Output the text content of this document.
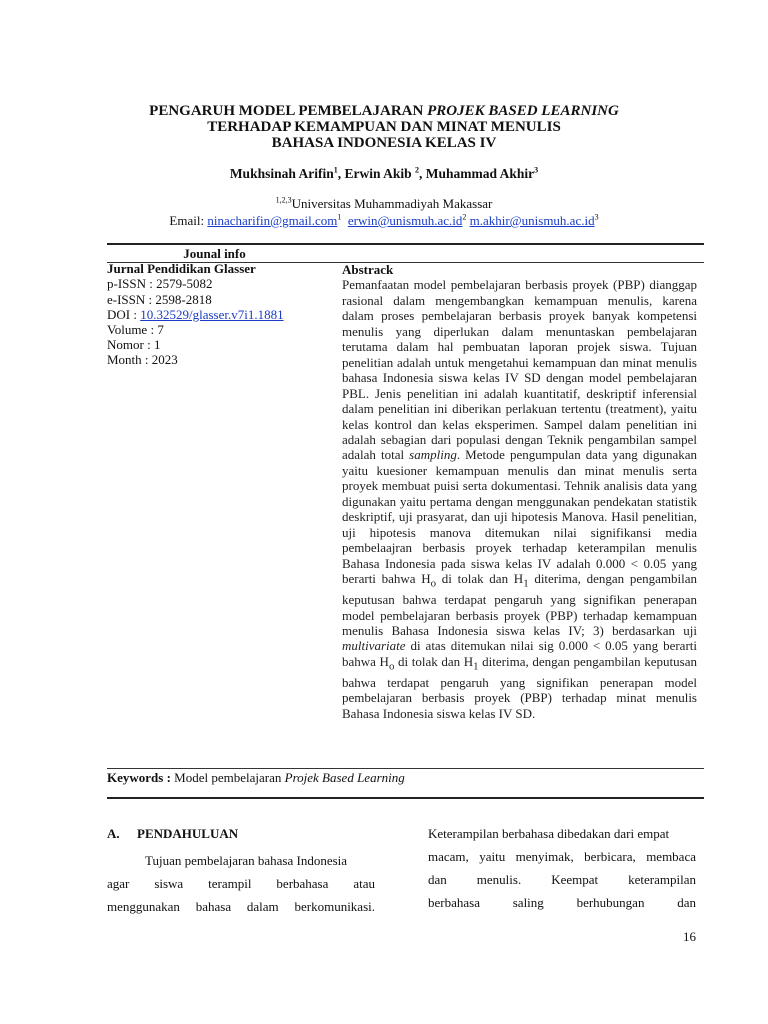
PENGARUH MODEL PEMBELAJARAN PROJEK BASED LEARNING
TERHADAP KEMAMPUAN DAN MINAT MENULIS
BAHASA INDONESIA KELAS IV
Mukhsinah Arifin$^1$, Erwin Akib $^2$, Muhammad Akhir$^3$
$^{1,2,3}$Universitas Muhammadiyah Makassar
Email: ninacharifin@gmail.com$^1$ $erwin@unismuh.ac.id^2$ $m.akhir@unismuh.ac.id^3$
Jounal info
Jurnal Pendidikan Glasser
p-ISSN : 2579-5082
e-ISSN : 2598-2818
DOI : 10.32529/glasser.v7i1.1881
Volume : 7
Nomor : 1
Month : 2023
Abstrack
Pemanfaatan model pembelajaran berbasis proyek (PBP) dianggap rasional dalam mengembangkan kemampuan menulis, karena dalam proses pembelajaran berbasis proyek banyak kompetensi menulis yang diperlukan dalam menuntaskan pembelajaran terutama dalam hal pembuatan laporan projek siswa. Tujuan penelitian adalah untuk mengetahui kemampuan dan minat menulis bahasa Indonesia siswa kelas IV SD dengan model pembelajaran PBL. Jenis penelitian ini adalah kuantitatif, deskriptif inferensial dalam penelitian ini diberikan perlakuan tertentu (treatment), yaitu kelas kontrol dan kelas eksperimen. Sampel dalam penelitian ini adalah sebagian dari populasi dengan Teknik pengambilan sampel adalah total sampling. Metode pengumpulan data yang digunakan yaitu kuesioner kemampuan menulis dan minat menulis serta proyek membuat puisi serta dokumentasi. Tehnik analisis data yang digunakan yaitu pertama dengan menggunakan pendekatan statistik deskriptif, uji prasyarat, dan uji hipotesis Manova. Hasil penelitian, uji hipotesis manova ditemukan nilai signifikansi media pembelaajran berbasis proyek terhadap keterampilan menulis Bahasa Indonesia pada siswa kelas IV adalah 0.000 < 0.05 yang berarti bahwa $H_o$ di tolak dan $H_1$ diterima, dengan pengambilan keputusan bahwa terdapat pengaruh yang signifikan penerapan model pembelajaran berbasis proyek (PBP) terhadap kemampuan menulis Bahasa Indonesia siswa kelas IV; 3) berdasarkan uji multivariate di atas ditemukan nilai sig 0.000 < 0.05 yang berarti bahwa $H_o$ di tolak dan $H_1$ diterima, dengan pengambilan keputusan bahwa terdapat pengaruh yang signifikan penerapan model pembelajaran berbasis proyek (PBP) terhadap minat menulis Bahasa Indonesia siswa kelas IV SD.
Keywords : Model pembelajaran Projek Based Learning
A. PENDAHULUAN
Tujuan pembelajaran bahasa Indonesia
agar siswa terampil berbahasa atau
menggunakan bahasa dalam berkomunikasi.
Keterampilan berbahasa dibedakan dari empat
macam, yaitu menyimak, berbicara, membaca
dan menulis. Keempat keterampilan
berbahasa saling berhubungan dan
16
